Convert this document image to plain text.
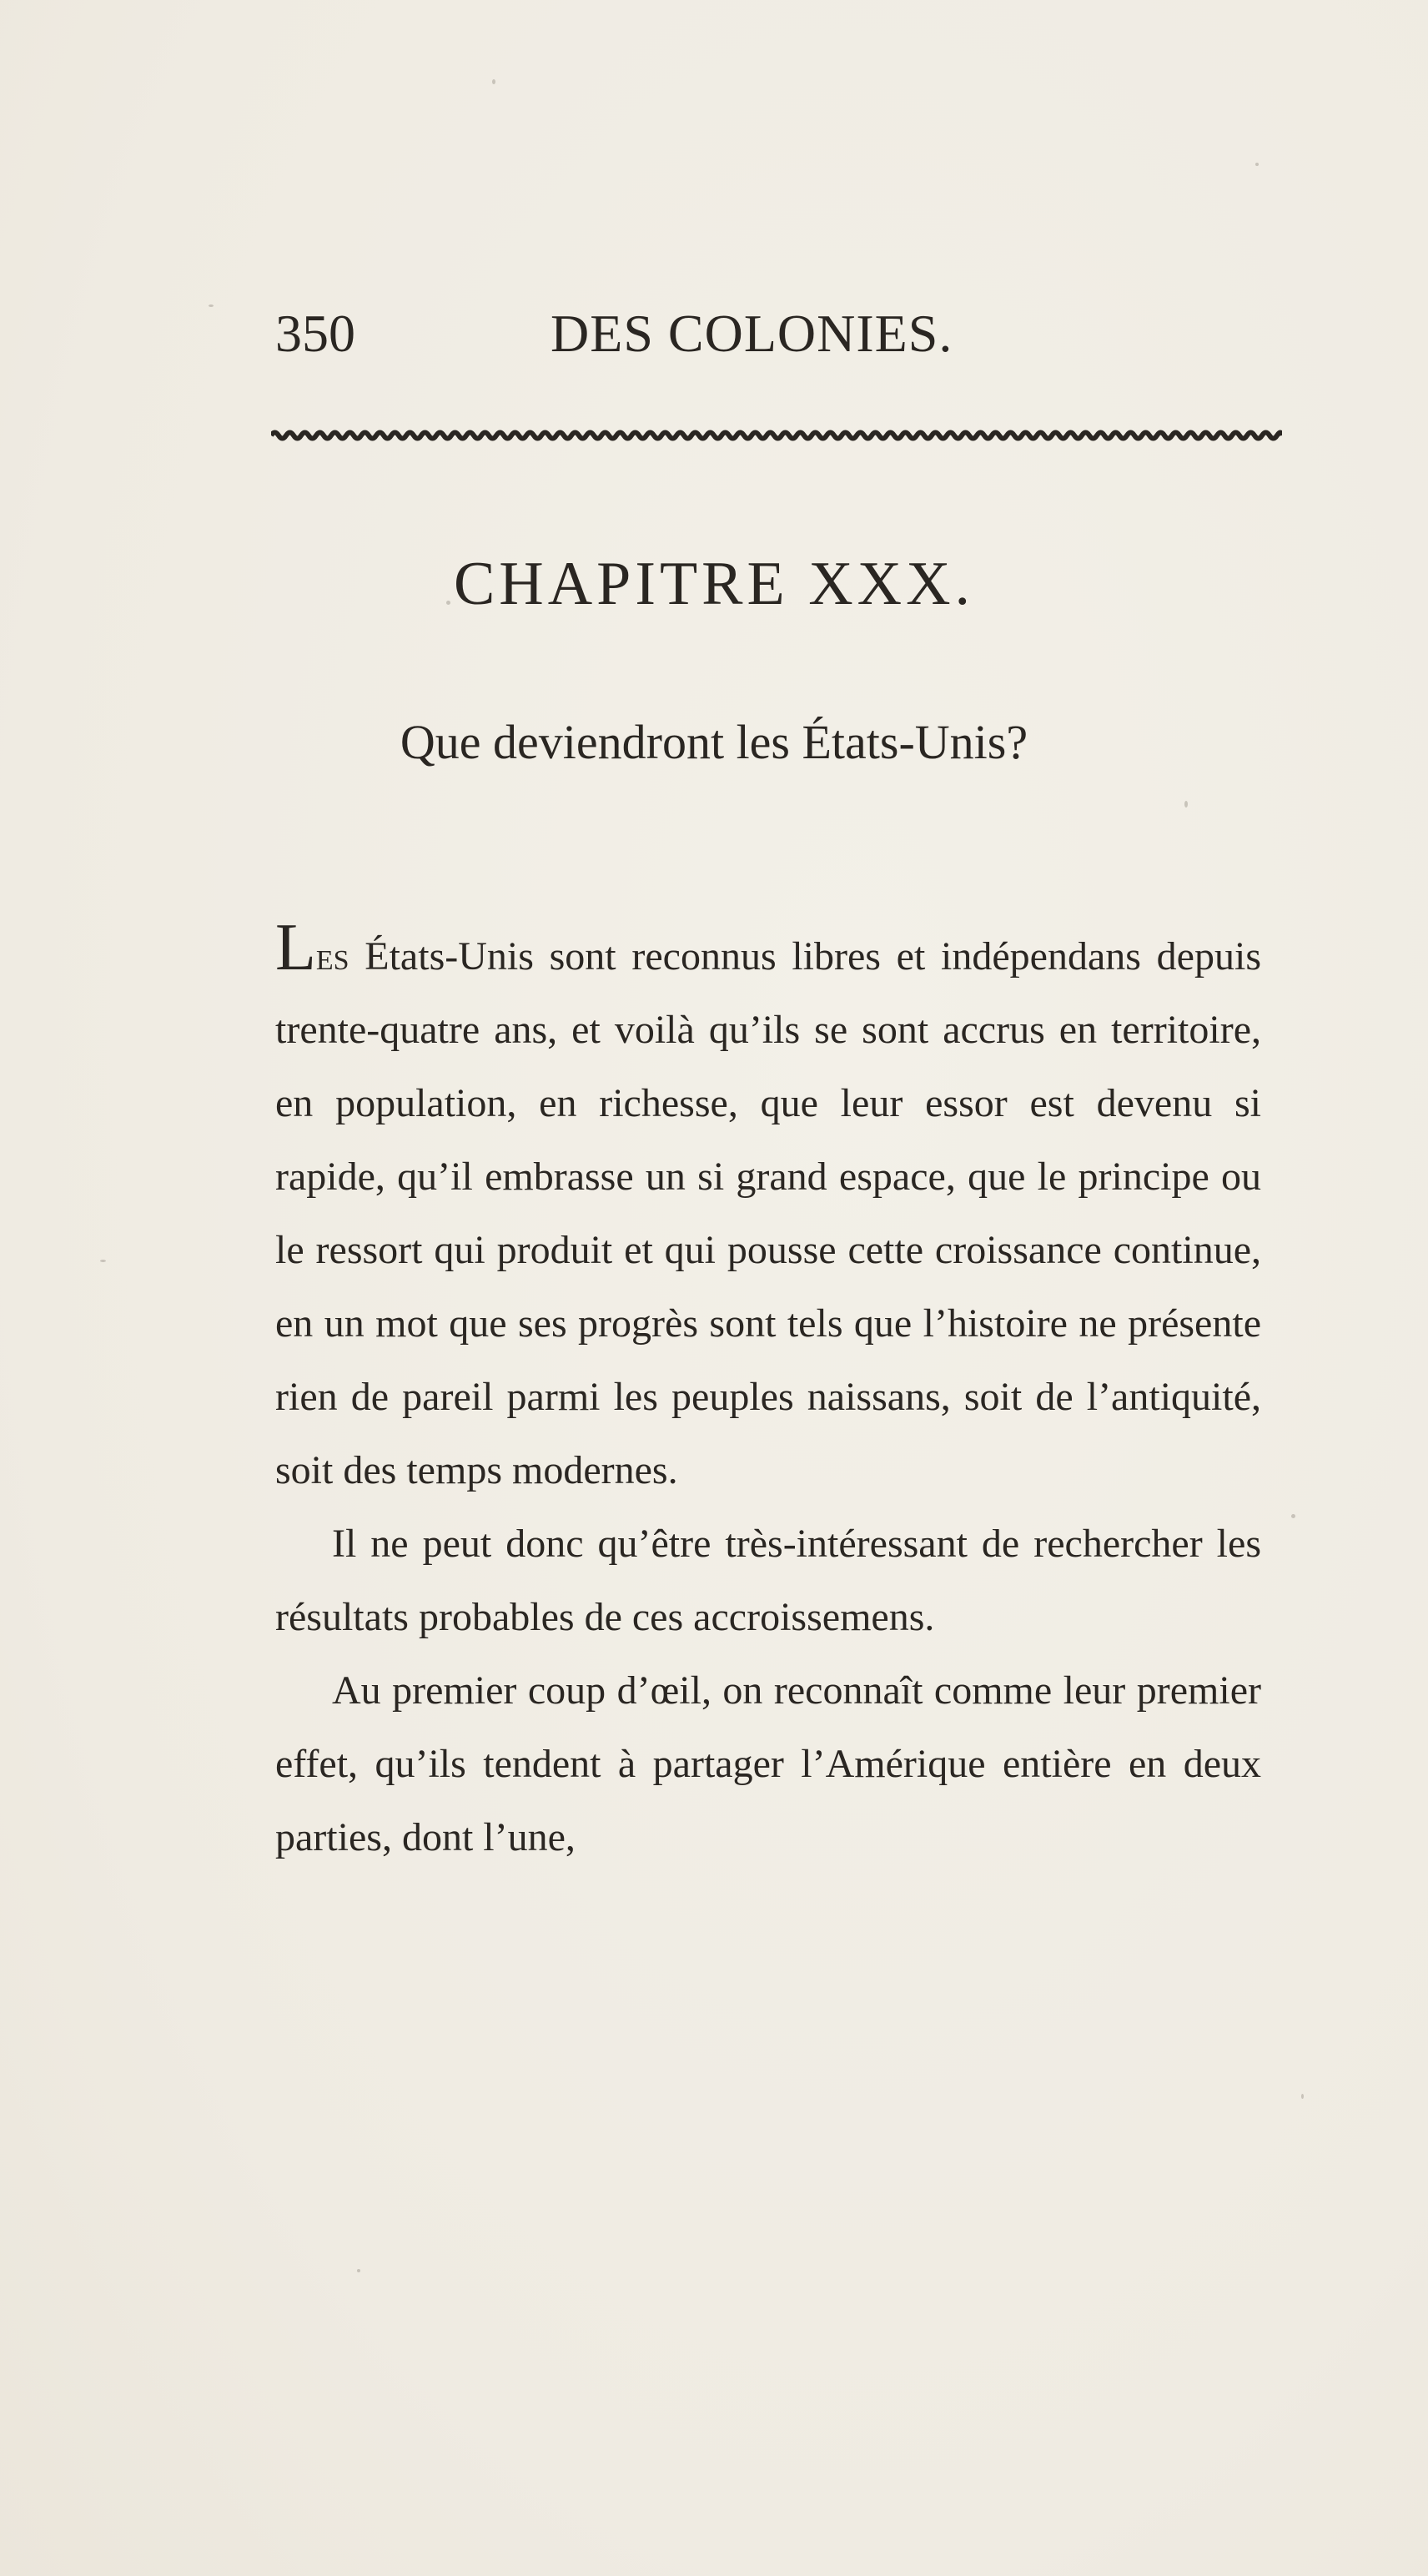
350	DES COLONIES.
CHAPITRE XXX.
Que deviendront les États-Unis?

Les États-Unis sont reconnus libres et indépendans depuis trente-quatre ans, et voilà qu’ils se sont accrus en territoire, en population, en richesse, que leur essor est devenu si rapide, qu’il embrasse un si grand espace, que le principe ou le ressort qui produit et qui pousse cette croissance continue, en un mot que ses progrès sont tels que l’histoire ne présente rien de pareil parmi les peuples naissans, soit de l’antiquité, soit des temps modernes.

Il ne peut donc qu’être très-intéressant de rechercher les résultats probables de ces accroissemens.

Au premier coup d’œil, on reconnaît comme leur premier effet, qu’ils tendent à partager l’Amérique entière en deux parties, dont l’une,
